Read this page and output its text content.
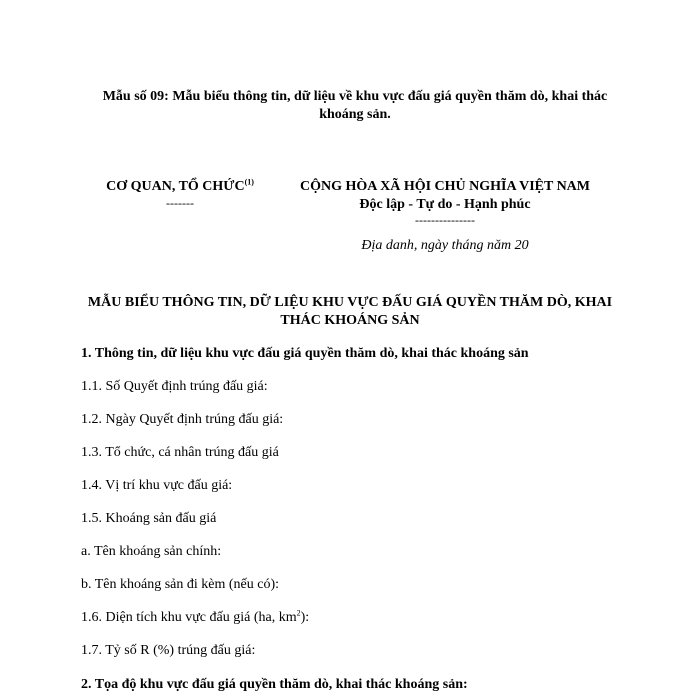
Mẫu số 09: Mẫu biểu thông tin, dữ liệu về khu vực đấu giá quyền thăm dò, khai thác khoáng sản.
CƠ QUAN, TỔ CHỨC$^{(1)}$
-------
CỘNG HÒA XÃ HỘI CHỦ NGHĨA VIỆT NAM
Độc lập - Tự do - Hạnh phúc
---------------
Địa danh, ngày tháng năm 20
MẪU BIỂU THÔNG TIN, DỮ LIỆU KHU VỰC ĐẤU GIÁ QUYỀN THĂM DÒ, KHAI THÁC KHOÁNG SẢN
1. Thông tin, dữ liệu khu vực đấu giá quyền thăm dò, khai thác khoáng sản
1.1. Số Quyết định trúng đấu giá:
1.2. Ngày Quyết định trúng đấu giá:
1.3. Tổ chức, cá nhân trúng đấu giá
1.4. Vị trí khu vực đấu giá:
1.5. Khoáng sản đấu giá
a. Tên khoáng sản chính:
b. Tên khoáng sản đi kèm (nếu có):
1.6. Diện tích khu vực đấu giá (ha, $km^2$):
1.7. Tỷ số R (%) trúng đấu giá:
2. Tọa độ khu vực đấu giá quyền thăm dò, khai thác khoáng sản:
